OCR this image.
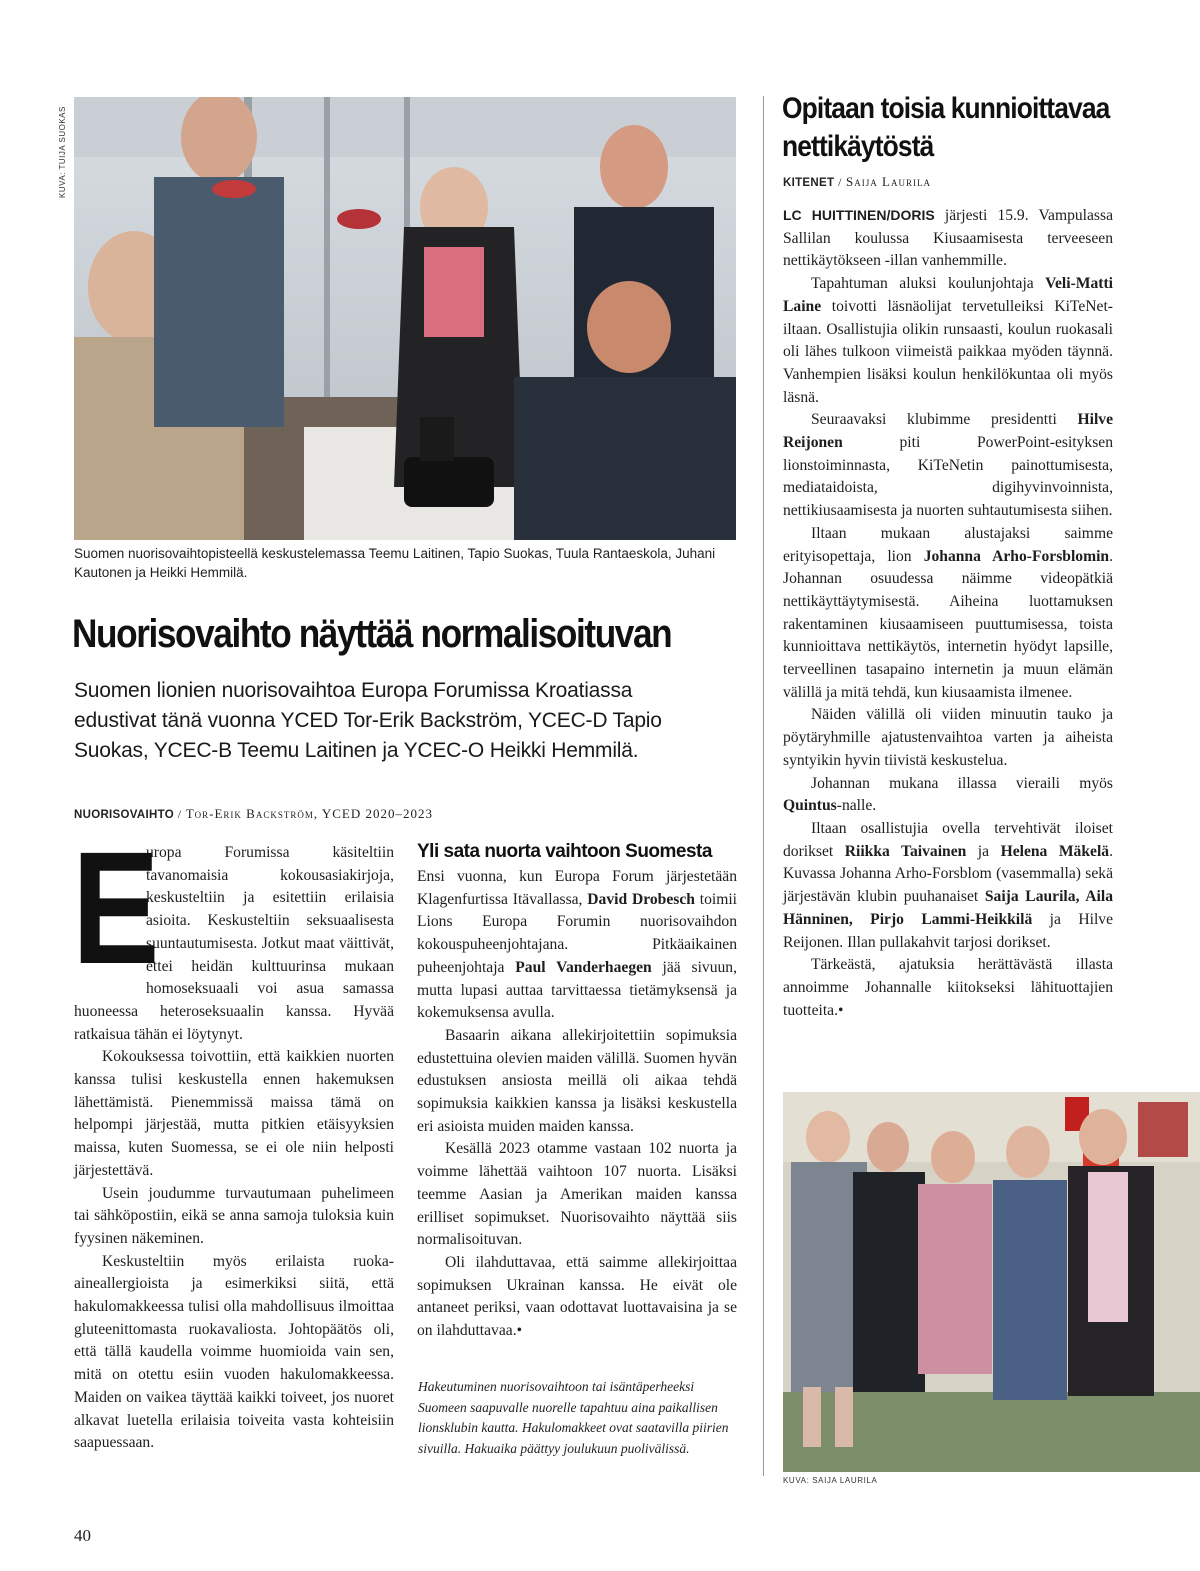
KUVA: TUIJA SUOKAS
Suomen nuorisovaihtopisteellä keskustelemassa Teemu Laitinen, Tapio Suokas, Tuula Rantaeskola, Juhani Kautonen ja Heikki Hemmilä.
Nuorisovaihto näyttää normalisoituvan
Suomen lionien nuorisovaihtoa Europa Forumissa Kroatiassa edustivat tänä vuonna YCED Tor-Erik Backström, YCEC-D Tapio Suokas, YCEC-B Teemu Laitinen ja YCEC-O Heikki Hemmilä.
NUORISOVAIHTO / Tor-Erik Backström, YCED 2020–2023

E
uropa Forumissa käsiteltiin tavanomaisia kokousasiakirjoja, keskusteltiin ja esitettiin erilaisia asioita. Keskusteltiin seksuaalisesta suuntautumisesta. Jotkut maat väittivät, ettei heidän kulttuurinsa mukaan homoseksuaali voi asua samassa huoneessa heteroseksuaalin kanssa. Hyvää ratkaisua tähän ei löytynyt.

Kokouksessa toivottiin, että kaikkien nuorten kanssa tulisi keskustella ennen hakemuksen lähettämistä. Pienemmissä maissa tämä on helpompi järjestää, mutta pitkien etäisyyksien maissa, kuten Suomessa, se ei ole niin helposti järjestettävä.

Usein joudumme turvautumaan puhelimeen tai sähköpostiin, eikä se anna samoja tuloksia kuin fyysinen näkeminen.

Keskusteltiin myös erilaista ruoka-aineallergioista ja esimerkiksi siitä, että hakulomakkeessa tulisi olla mahdollisuus ilmoittaa gluteenittomasta ruokavaliosta. Johtopäätös oli, että tällä kaudella voimme huomioida vain sen, mitä on otettu esiin vuoden hakulomakkeessa. Maiden on vaikea täyttää kaikki toiveet, jos nuoret alkavat luetella erilaisia toiveita vasta kohteisiin saapuessaan.

Yli sata nuorta vaihtoon Suomesta

Ensi vuonna, kun Europa Forum järjestetään Klagenfurtissa Itävallassa, David Drobesch toimii Lions Europa Forumin nuorisovaihdon kokouspuheenjohtajana. Pitkäaikainen puheenjohtaja Paul Vanderhaegen jää sivuun, mutta lupasi auttaa tarvittaessa tietämyksensä ja kokemuksensa avulla.

Basaarin aikana allekirjoitettiin sopimuksia edustettuina olevien maiden välillä. Suomen hyvän edustuksen ansiosta meillä oli aikaa tehdä sopimuksia kaikkien kanssa ja lisäksi keskustella eri asioista muiden maiden kanssa.

Kesällä 2023 otamme vastaan 102 nuorta ja voimme lähettää vaihtoon 107 nuorta. Lisäksi teemme Aasian ja Amerikan maiden kanssa erilliset sopimukset. Nuorisovaihto näyttää siis normalisoituvan.

Oli ilahduttavaa, että saimme allekirjoittaa sopimuksen Ukrainan kanssa. He eivät ole antaneet periksi, vaan odottavat luottavaisina ja se on ilahduttavaa.•

Hakeutuminen nuorisovaihtoon tai isäntäperheeksi Suomeen saapuvalle nuorelle tapahtuu aina paikallisen lionsklubin kautta. Hakulomakkeet ovat saatavilla piirien sivuilla. Hakuaika päättyy joulukuun puolivälissä.
Opitaan toisia kunnioittavaa nettikäytöstä
KITENET / Saija Laurila

LC HUITTINEN/DORIS järjesti 15.9. Vampulassa Sallilan koulussa Kiusaamisesta terveeseen nettikäytökseen -illan vanhemmille.

Tapahtuman aluksi koulunjohtaja Veli-Matti Laine toivotti läsnäolijat tervetulleiksi KiTeNet-iltaan. Osallistujia olikin runsaasti, koulun ruokasali oli lähes tulkoon viimeistä paikkaa myöden täynnä. Vanhempien lisäksi koulun henkilökuntaa oli myös läsnä.

Seuraavaksi klubimme presidentti Hilve Reijonen piti PowerPoint-esityksen lionstoiminnasta, KiTeNetin painottumisesta, mediataidoista, digihyvinvoinnista, nettikiusaamisesta ja nuorten suhtautumisesta siihen.

Iltaan mukaan alustajaksi saimme erityisopettaja, lion Johanna Arho-Forsblomin. Johannan osuudessa näimme videopätkiä nettikäyttäytymisestä. Aiheina luottamuksen rakentaminen kiusaamiseen puuttumisessa, toista kunnioittava nettikäytös, internetin hyödyt lapsille, terveellinen tasapaino internetin ja muun elämän välillä ja mitä tehdä, kun kiusaamista ilmenee.

Näiden välillä oli viiden minuutin tauko ja pöytäryhmille ajatustenvaihtoa varten ja aiheista syntyikin hyvin tiivistä keskustelua.

Johannan mukana illassa vieraili myös Quintus-nalle.

Iltaan osallistujia ovella tervehtivät iloiset dorikset Riikka Taivainen ja Helena Mäkelä. Kuvassa Johanna Arho-Forsblom (vasemmalla) sekä järjestävän klubin puuhanaiset Saija Laurila, Aila Hänninen, Pirjo Lammi-Heikkilä ja Hilve Reijonen. Illan pullakahvit tarjosi dorikset.

Tärkeästä, ajatuksia herättävästä illasta annoimme Johannalle kiitokseksi lähituottajien tuotteita.•

KUVA: SAIJA LAURILA
40
